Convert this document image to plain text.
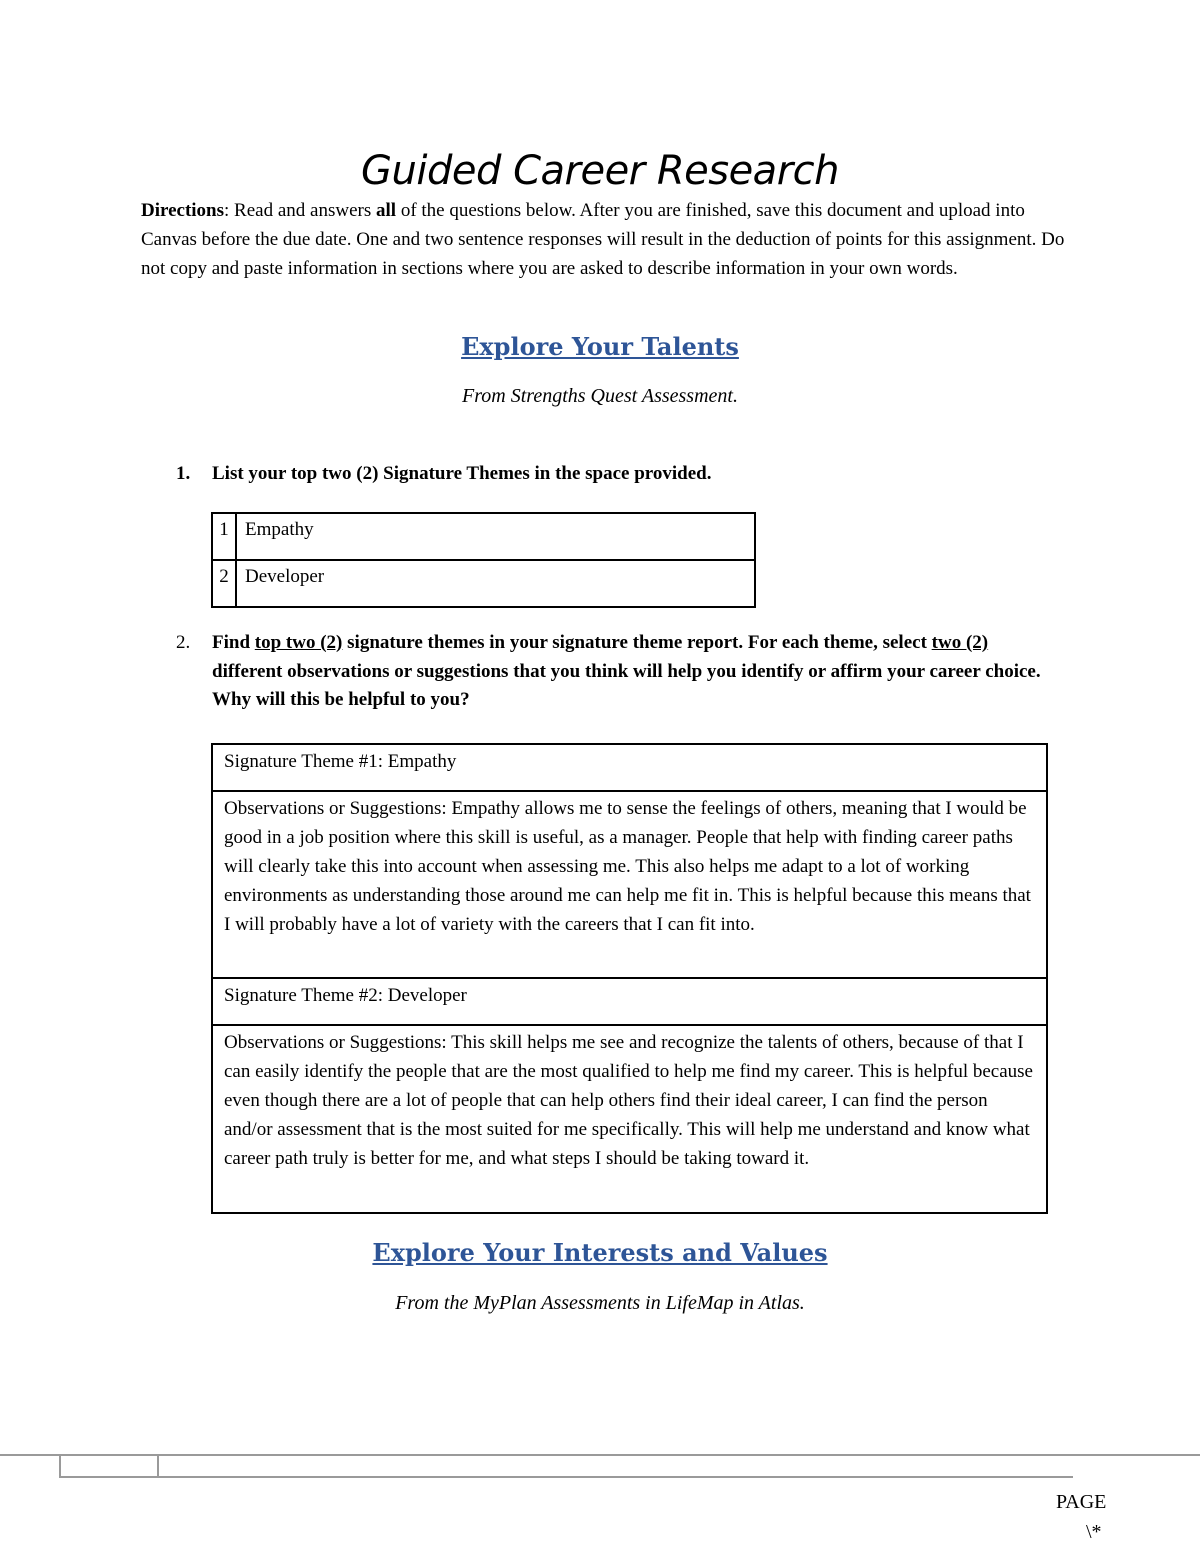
Guided Career Research

Directions: Read and answers all of the questions below. After you are finished, save this document and upload into Canvas before the due date. One and two sentence responses will result in the deduction of points for this assignment. Do not copy and paste information in sections where you are asked to describe information in your own words.

Explore Your Talents
From Strengths Quest Assessment.
1. List your top two (2) Signature Themes in the space provided.
1	Empathy
2	Developer
2. Find top two (2) signature themes in your signature theme report. For each theme, select two (2) different observations or suggestions that you think will help you identify or affirm your career choice. Why will this be helpful to you?
Signature Theme #1: Empathy
Observations or Suggestions: Empathy allows me to sense the feelings of others, meaning that I would be good in a job position where this skill is useful, as a manager. People that help with finding career paths will clearly take this into account when assessing me. This also helps me adapt to a lot of working environments as understanding those around me can help me fit in. This is helpful because this means that I will probably have a lot of variety with the careers that I can fit into.
Signature Theme #2: Developer
Observations or Suggestions: This skill helps me see and recognize the talents of others, because of that I can easily identify the people that are the most qualified to help me find my career. This is helpful because even though there are a lot of people that can help others find their ideal career, I can find the person and/or assessment that is the most suited for me specifically. This will help me understand and know what career path truly is better for me, and what steps I should be taking toward it.
Explore Your Interests and Values
From the MyPlan Assessments in LifeMap in Atlas.
PAGE
\*
